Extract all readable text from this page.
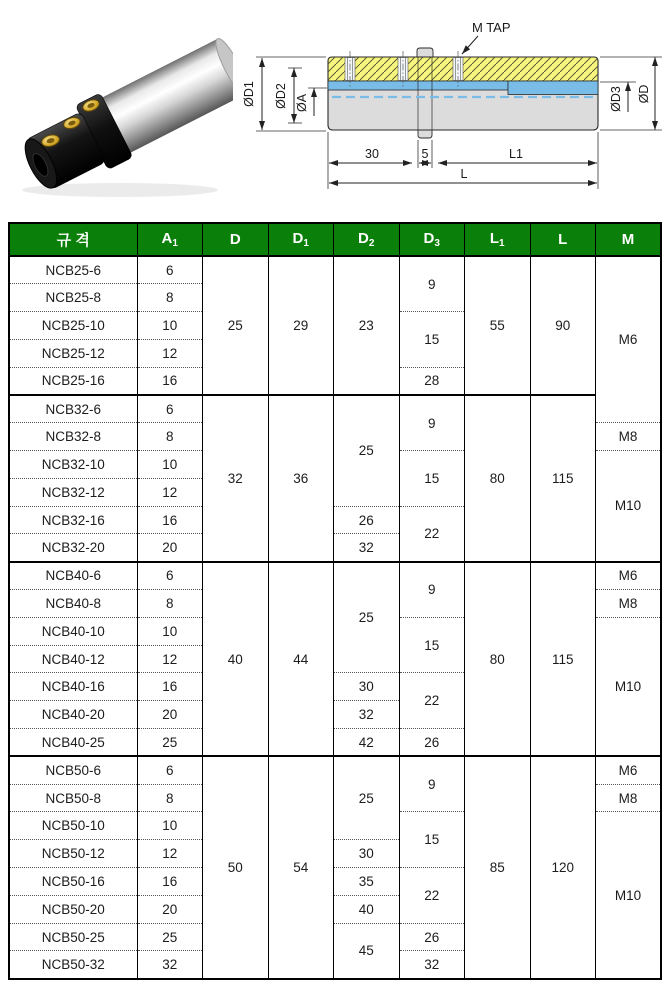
M TAP
ØD1 ØD2 ØA	ØD3 ØD
30	5	L1
L
규 격	$A_1$	D	$D_1$	$D_2$	$D_3$	$L_1$	L	M
NCB25-6	6	25	29	23	9	55	90	M6
NCB25-8	8							
NCB25-10	10				15			
NCB25-12	12							
NCB25-16	16				28			
NCB32-6	6	32	36	25	9	80	115	
NCB32-8	8							M8
NCB32-10	10				15			M10
NCB32-12	12							
NCB32-16	16			26	22			
NCB32-20	20			32				
NCB40-6	6	40	44	25	9	80	115	M6
NCB40-8	8							M8
NCB40-10	10				15			M10
NCB40-12	12							
NCB40-16	16			30	22			
NCB40-20	20			32				
NCB40-25	25			42	26			
NCB50-6	6	50	54	25	9	85	120	M6
NCB50-8	8							M8
NCB50-10	10				15			M10
NCB50-12	12			30				
NCB50-16	16			35	22			
NCB50-20	20			40				
NCB50-25	25			45	26			
NCB50-32	32				32			
